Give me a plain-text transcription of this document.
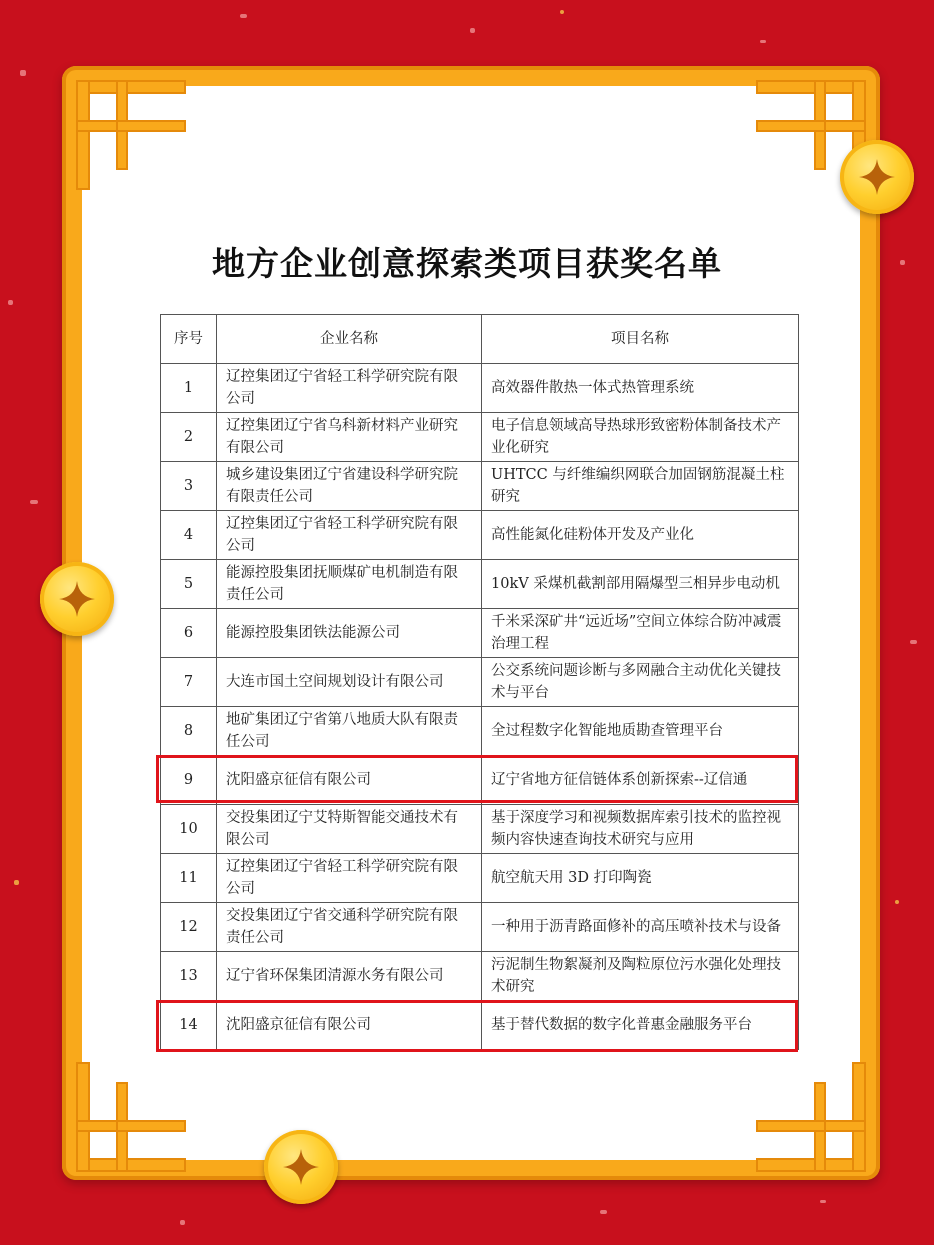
地方企业创意探索类项目获奖名单
序号	企业名称	项目名称
1	辽控集团辽宁省轻工科学研究院有限公司	高效器件散热一体式热管理系统
2	辽控集团辽宁省乌科新材料产业研究有限公司	电子信息领域高导热球形致密粉体制备技术产业化研究
3	城乡建设集团辽宁省建设科学研究院有限责任公司	UHTCC 与纤维编织网联合加固钢筋混凝土柱研究
4	辽控集团辽宁省轻工科学研究院有限公司	高性能氮化硅粉体开发及产业化
5	能源控股集团抚顺煤矿电机制造有限责任公司	10kV 采煤机截割部用隔爆型三相异步电动机
6	能源控股集团铁法能源公司	千米采深矿井“远近场”空间立体综合防冲减震治理工程
7	大连市国土空间规划设计有限公司	公交系统问题诊断与多网融合主动优化关键技术与平台
8	地矿集团辽宁省第八地质大队有限责任公司	全过程数字化智能地质勘查管理平台
9	沈阳盛京征信有限公司	辽宁省地方征信链体系创新探索--辽信通
10	交投集团辽宁艾特斯智能交通技术有限公司	基于深度学习和视频数据库索引技术的监控视频内容快速查询技术研究与应用
11	辽控集团辽宁省轻工科学研究院有限公司	航空航天用 3D 打印陶瓷
12	交投集团辽宁省交通科学研究院有限责任公司	一种用于沥青路面修补的高压喷补技术与设备
13	辽宁省环保集团清源水务有限公司	污泥制生物絮凝剂及陶粒原位污水强化处理技术研究
14	沈阳盛京征信有限公司	基于替代数据的数字化普惠金融服务平台
